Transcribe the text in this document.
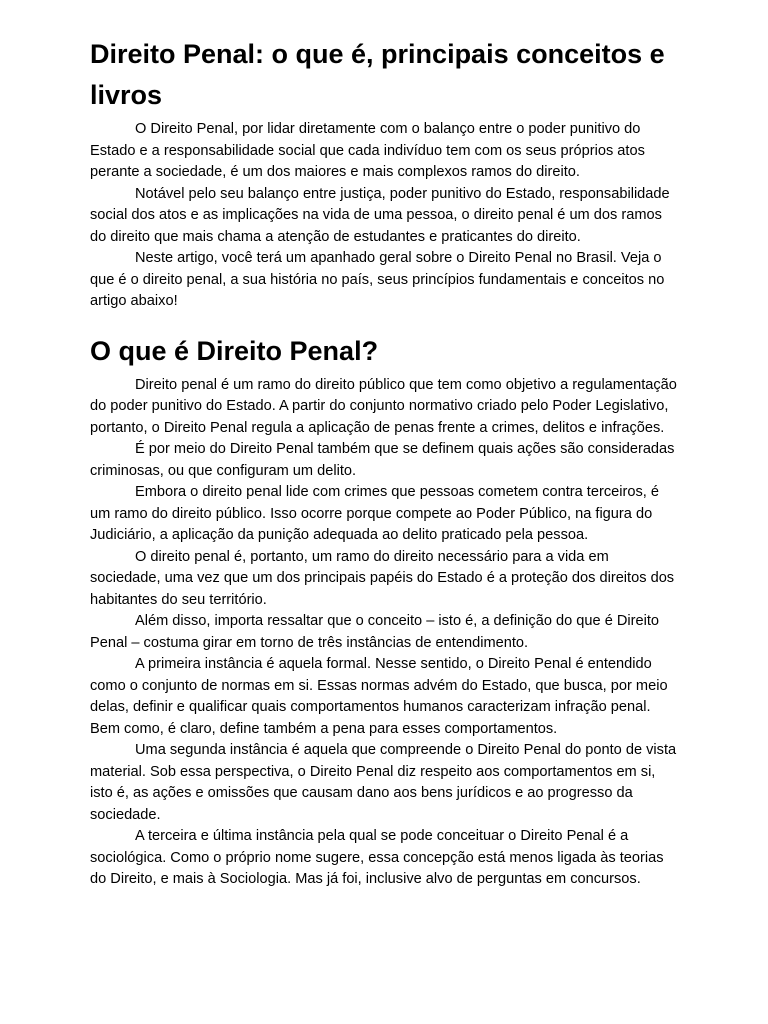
Direito Penal: o que é, principais conceitos e livros

O Direito Penal, por lidar diretamente com o balanço entre o poder punitivo do Estado e a responsabilidade social que cada indivíduo tem com os seus próprios atos perante a sociedade, é um dos maiores e mais complexos ramos do direito.

Notável pelo seu balanço entre justiça, poder punitivo do Estado, responsabilidade social dos atos e as implicações na vida de uma pessoa, o direito penal é um dos ramos do direito que mais chama a atenção de estudantes e praticantes do direito.

Neste artigo, você terá um apanhado geral sobre o Direito Penal no Brasil. Veja o que é o direito penal, a sua história no país, seus princípios fundamentais e conceitos no artigo abaixo!

O que é Direito Penal?

Direito penal é um ramo do direito público que tem como objetivo a regulamentação do poder punitivo do Estado. A partir do conjunto normativo criado pelo Poder Legislativo, portanto, o Direito Penal regula a aplicação de penas frente a crimes, delitos e infrações.

É por meio do Direito Penal também que se definem quais ações são consideradas criminosas, ou que configuram um delito.

Embora o direito penal lide com crimes que pessoas cometem contra terceiros, é um ramo do direito público. Isso ocorre porque compete ao Poder Público, na figura do Judiciário, a aplicação da punição adequada ao delito praticado pela pessoa.

O direito penal é, portanto, um ramo do direito necessário para a vida em sociedade, uma vez que um dos principais papéis do Estado é a proteção dos direitos dos habitantes do seu território.

Além disso, importa ressaltar que o conceito – isto é, a definição do que é Direito Penal – costuma girar em torno de três instâncias de entendimento.

A primeira instância é aquela formal. Nesse sentido, o Direito Penal é entendido como o conjunto de normas em si. Essas normas advém do Estado, que busca, por meio delas, definir e qualificar quais comportamentos humanos caracterizam infração penal. Bem como, é claro, define também a pena para esses comportamentos.

Uma segunda instância é aquela que compreende o Direito Penal do ponto de vista material. Sob essa perspectiva, o Direito Penal diz respeito aos comportamentos em si, isto é, as ações e omissões que causam dano aos bens jurídicos e ao progresso da sociedade.

A terceira e última instância pela qual se pode conceituar o Direito Penal é a sociológica. Como o próprio nome sugere, essa concepção está menos ligada às teorias do Direito, e mais à Sociologia. Mas já foi, inclusive alvo de perguntas em concursos.
